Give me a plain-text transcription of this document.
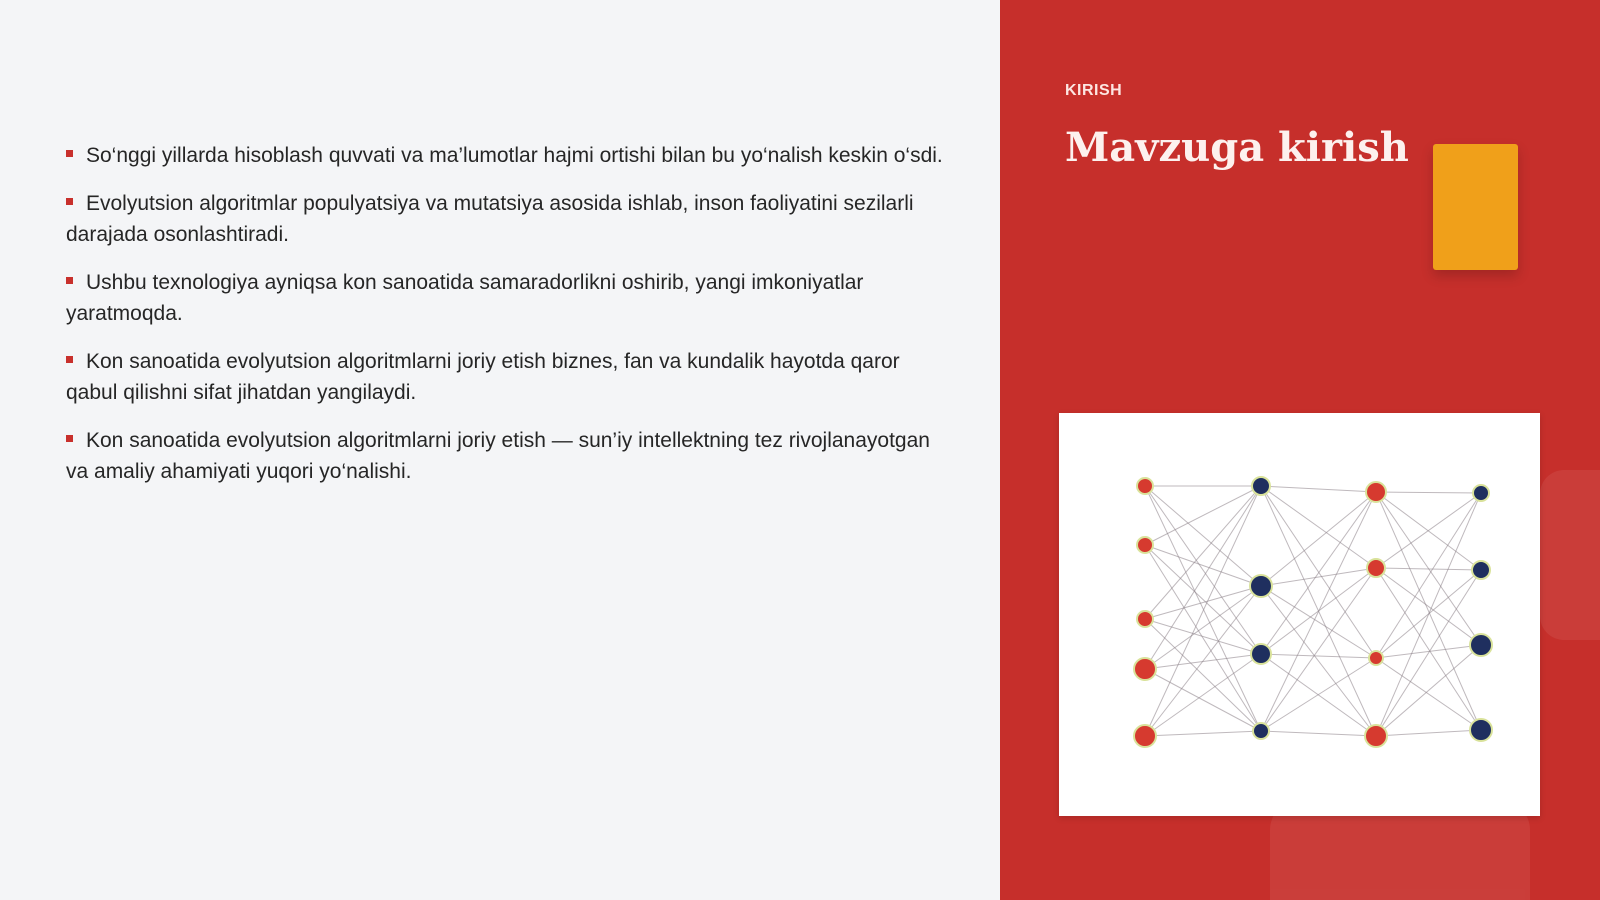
So‘nggi yillarda hisoblash quvvati va ma’lumotlar hajmi ortishi bilan bu yo‘nalish keskin o‘sdi.
Evolyutsion algoritmlar populyatsiya va mutatsiya asosida ishlab, inson faoliyatini sezilarli darajada osonlashtiradi.
Ushbu texnologiya ayniqsa kon sanoatida samaradorlikni oshirib, yangi imkoniyatlar yaratmoqda.
Kon sanoatida evolyutsion algoritmlarni joriy etish biznes, fan va kundalik hayotda qaror qabul qilishni sifat jihatdan yangilaydi.
Kon sanoatida evolyutsion algoritmlarni joriy etish — sun’iy intellektning tez rivojlanayotgan va amaliy ahamiyati yuqori yo‘nalishi.
KIRISH
Mavzuga kirish
